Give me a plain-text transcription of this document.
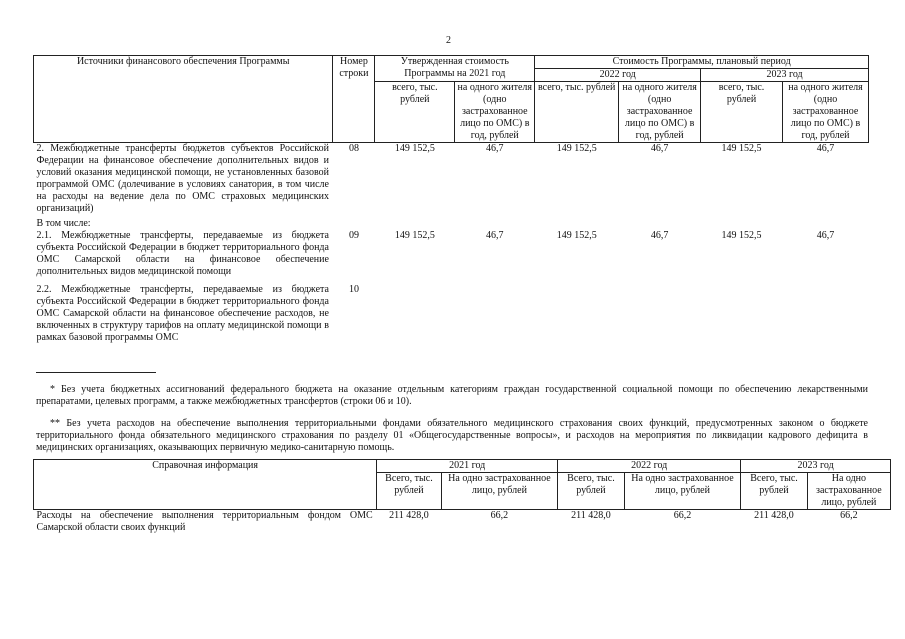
2
Источники финансового обеспечения Программы	Номер строки	Утвержденная стоимость Программы на 2021 год		Стоимость Программы, плановый период			
				2022 год		2023 год	
		всего, тыс. рублей	на одного жителя (одно застрахованное лицо по ОМС) в год, рублей	всего, тыс. рублей	на одного жителя (одно застрахованное лицо по ОМС) в год, рублей	всего, тыс. рублей	на одного жителя (одно застрахованное лицо по ОМС) в год, рублей
2. Межбюджетные трансферты бюджетов субъектов Российской Федерации на финансовое обеспечение дополнительных видов и условий оказания медицинской помощи, не установленных базовой программой ОМС (долечивание в условиях санатория, в том числе на расходы на ведение дела по ОМС страховых медицинских организаций)	08	149 152,5	46,7	149 152,5	46,7	149 152,5	46,7
В том числе:							
2.1. Межбюджетные трансферты, передаваемые из бюджета субъекта Российской Федерации в бюджет территориального фонда ОМС Самарской области на финансовое обеспечение дополнительных видов медицинской помощи	09	149 152,5	46,7	149 152,5	46,7	149 152,5	46,7
2.2. Межбюджетные трансферты, передаваемые из бюджета субъекта Российской Федерации в бюджет территориального фонда ОМС Самарской области на финансовое обеспечение расходов, не включенных в структуру тарифов на оплату медицинской помощи в рамках базовой программы ОМС	10						
* Без учета бюджетных ассигнований федерального бюджета на оказание отдельным категориям граждан государственной социальной помощи по обеспечению лекарственными препаратами, целевых программ, а также межбюджетных трансфертов (строки 06 и 10).
** Без учета расходов на обеспечение выполнения территориальными фондами обязательного медицинского страхования своих функций, предусмотренных законом о бюджете территориального фонда обязательного медицинского страхования по разделу 01 «Общегосударственные вопросы», и расходов на мероприятия по ликвидации кадрового дефицита в медицинских организациях, оказывающих первичную медико-санитарную помощь.
Справочная информация	2021 год		2022 год		2023 год	
	Всего, тыс. рублей	На одно застрахованное лицо, рублей	Всего, тыс. рублей	На одно застрахованное лицо, рублей	Всего, тыс. рублей	На одно застрахованное лицо, рублей
Расходы на обеспечение выполнения территориальным фондом ОМС Самарской области своих функций	211 428,0	66,2	211 428,0	66,2	211 428,0	66,2
